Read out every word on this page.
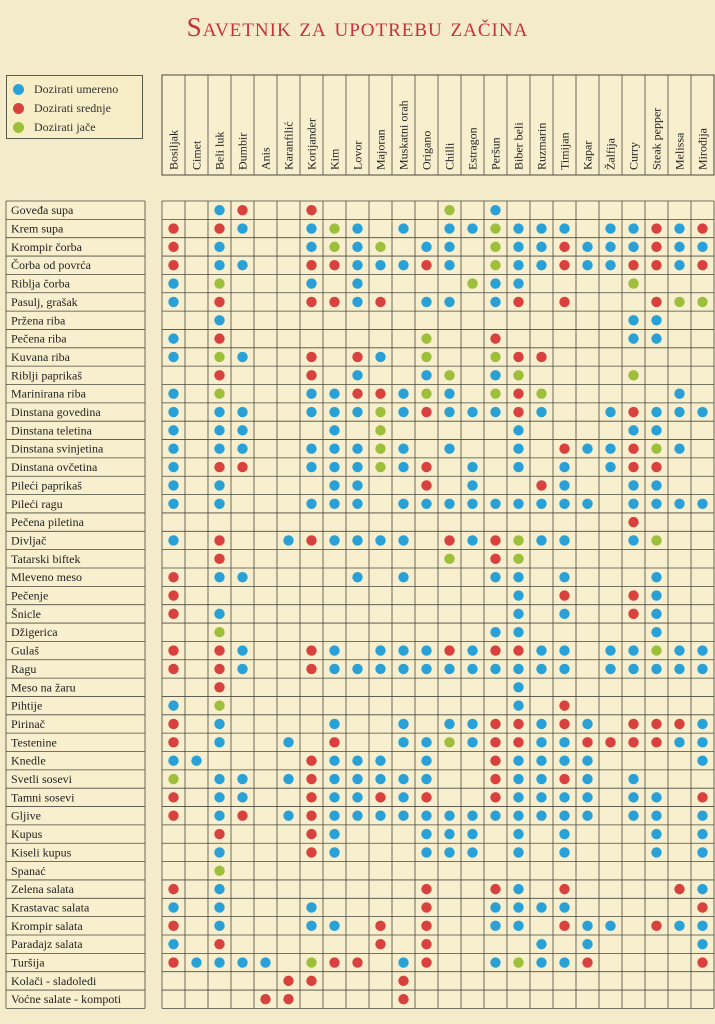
Savetnik za upotrebu začina
Dozirati umereno
Dozirati srednje
Dozirati jače
Bosiljak Cimet Beli luk Đumbir Anis Karanfilić Korijander Kim Lovor Majoran Muskatni orah Origano Chilli Estragon Peršun Biber beli Ruzmarin Timijan Kapar Žalfija Curry Steak pepper Melissa Mirođija
Goveđa supa
Krem supa
Krompir čorba
Čorba od povrća
Riblja čorba
Pasulj, grašak
Pržena riba
Pečena riba
Kuvana riba
Riblji paprikaš
Marinirana riba
Dinstana govedina
Dinstana teletina
Dinstana svinjetina
Dinstana ovčetina
Pileći paprikaš
Pileći ragu
Pečena piletina
Divljač
Tatarski biftek
Mleveno meso
Pečenje
Šnicle
Džigerica
Gulaš
Ragu
Meso na žaru
Pihtije
Pirinač
Testenine
Knedle
Svetli sosevi
Tamni sosevi
Gljive
Kupus
Kiseli kupus
Spanać
Zelena salata
Krastavac salata
Krompir salata
Paradajz salata
Turšija
Kolači - sladoledi
Voćne salate - kompoti
